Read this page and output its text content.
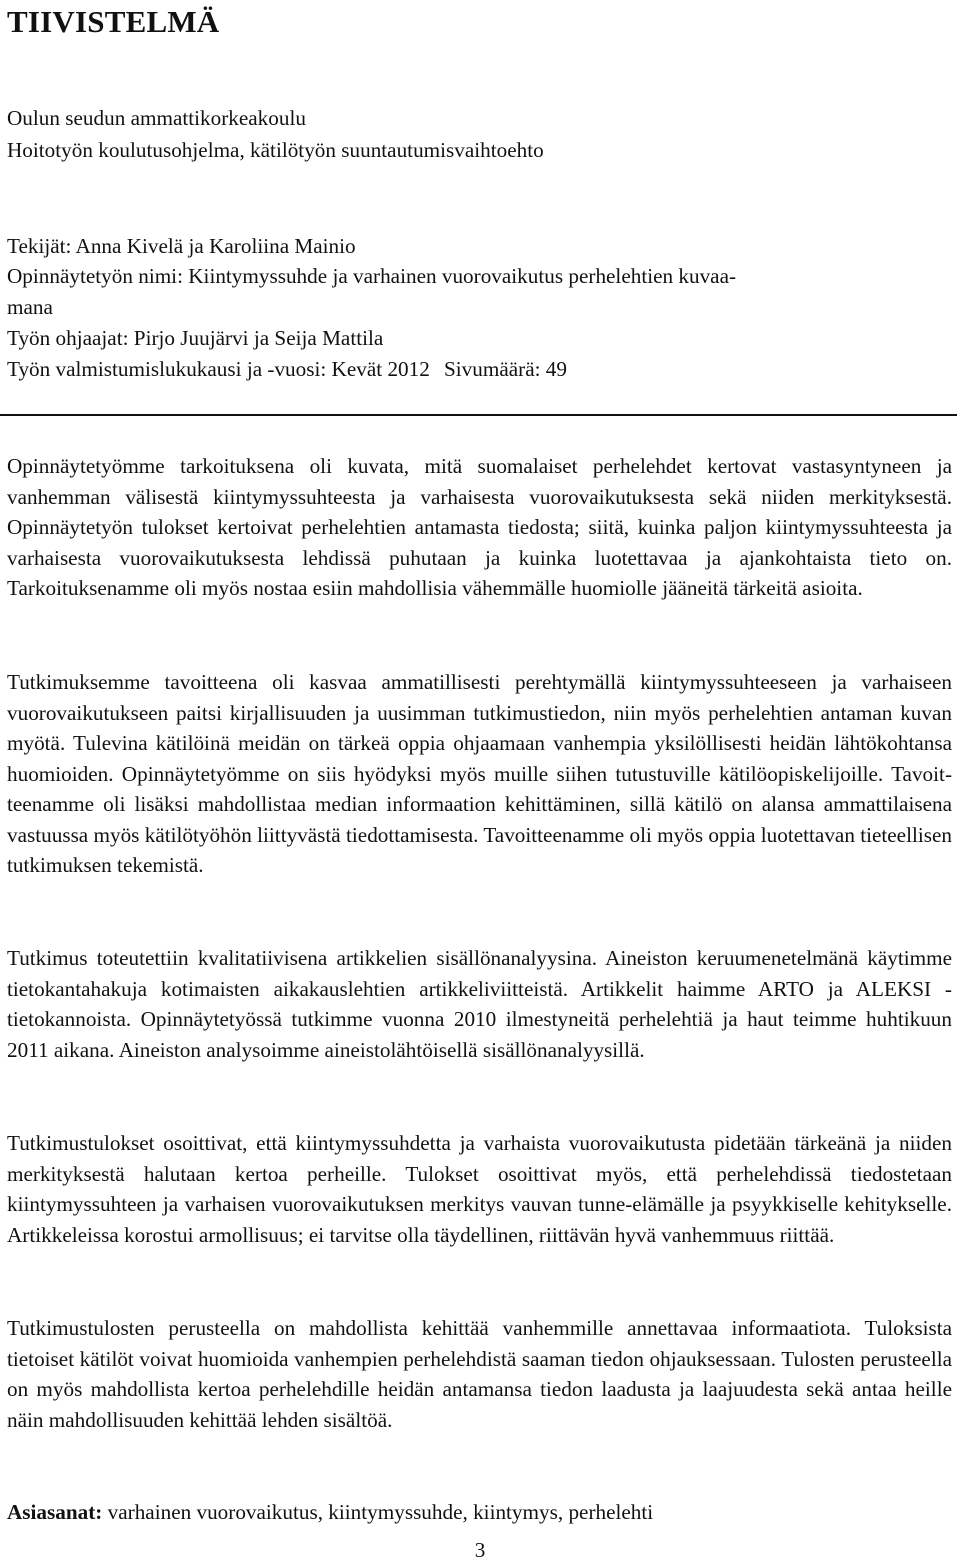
TIIVISTELMÄ

Oulun seudun ammattikorkeakoulu

Hoitotyön koulutusohjelma, kätilötyön suuntautumisvaihtoehto

Tekijät: Anna Kivelä ja Karoliina Mainio

Opinnäytetyön nimi: Kiintymyssuhde ja varhainen vuorovaikutus perhelehtien kuvaa-

mana

Työn ohjaajat: Pirjo Juujärvi ja Seija Mattila

Työn valmistumislukukausi ja -vuosi: Kevät 2012 Sivumäärä: 49

Opinnäytetyömme tarkoituksena oli kuvata, mitä suomalaiset perhelehdet kertovat vastasyntyneen ja vanhemman välisestä kiintymyssuhteesta ja varhaisesta vuorovaikutuksesta sekä niiden merkityksestä. Opinnäytetyön tulokset kertoivat perhelehtien antamasta tiedosta; siitä, kuinka paljon kiintymyssuhteesta ja varhaisesta vuorovaikutuksesta lehdissä puhutaan ja kuinka luotettavaa ja ajankohtaista tieto on. Tarkoituksenamme oli myös nostaa esiin mahdollisia vähemmälle huomiolle jääneitä tärkeitä asioita.

Tutkimuksemme tavoitteena oli kasvaa ammatillisesti perehtymällä kiintymyssuhteeseen ja varhaiseen vuorovaikutukseen paitsi kirjallisuuden ja uusimman tutkimustiedon, niin myös perhelehtien antaman kuvan myötä. Tulevina kätilöinä meidän on tärkeä oppia ohjaamaan vanhempia yksilöllisesti heidän lähtökohtansa huomioiden. Opinnäytetyömme on siis hyödyksi myös muille siihen tutustuville kätilöopiskelijoille. Tavoitteenamme oli lisäksi mahdollistaa median informaation kehittäminen, sillä kätilö on alansa ammattilaisena vastuussa myös kätilötyöhön liittyvästä tiedottamisesta. Tavoitteenamme oli myös oppia luotettavan tieteellisen tutkimuksen tekemistä.

Tutkimus toteutettiin kvalitatiivisena artikkelien sisällönanalyysina. Aineiston keruumenetelmänä käytimme tietokantahakuja kotimaisten aikakauslehtien artikkeliviitteistä. Artikkelit haimme ARTO ja ALEKSI -tietokannoista. Opinnäytetyössä tutkimme vuonna 2010 ilmestyneitä perhelehtiä ja haut teimme huhtikuun 2011 aikana. Aineiston analysoimme aineistolähtöisellä sisällönanalyysillä.

Tutkimustulokset osoittivat, että kiintymyssuhdetta ja varhaista vuorovaikutusta pidetään tärkeänä ja niiden merkityksestä halutaan kertoa perheille. Tulokset osoittivat myös, että perhelehdissä tiedostetaan kiintymyssuhteen ja varhaisen vuorovaikutuksen merkitys vauvan tunne-elämälle ja psyykkiselle kehitykselle. Artikkeleissa korostui armollisuus; ei tarvitse olla täydellinen, riittävän hyvä vanhemmuus riittää.

Tutkimustulosten perusteella on mahdollista kehittää vanhemmille annettavaa informaatiota. Tuloksista tietoiset kätilöt voivat huomioida vanhempien perhelehdistä saaman tiedon ohjauksessaan. Tulosten perusteella on myös mahdollista kertoa perhelehdille heidän antamansa tiedon laadusta ja laajuudesta sekä antaa heille näin mahdollisuuden kehittää lehden sisältöä.

Asiasanat: varhainen vuorovaikutus, kiintymyssuhde, kiintymys, perhelehti

3
